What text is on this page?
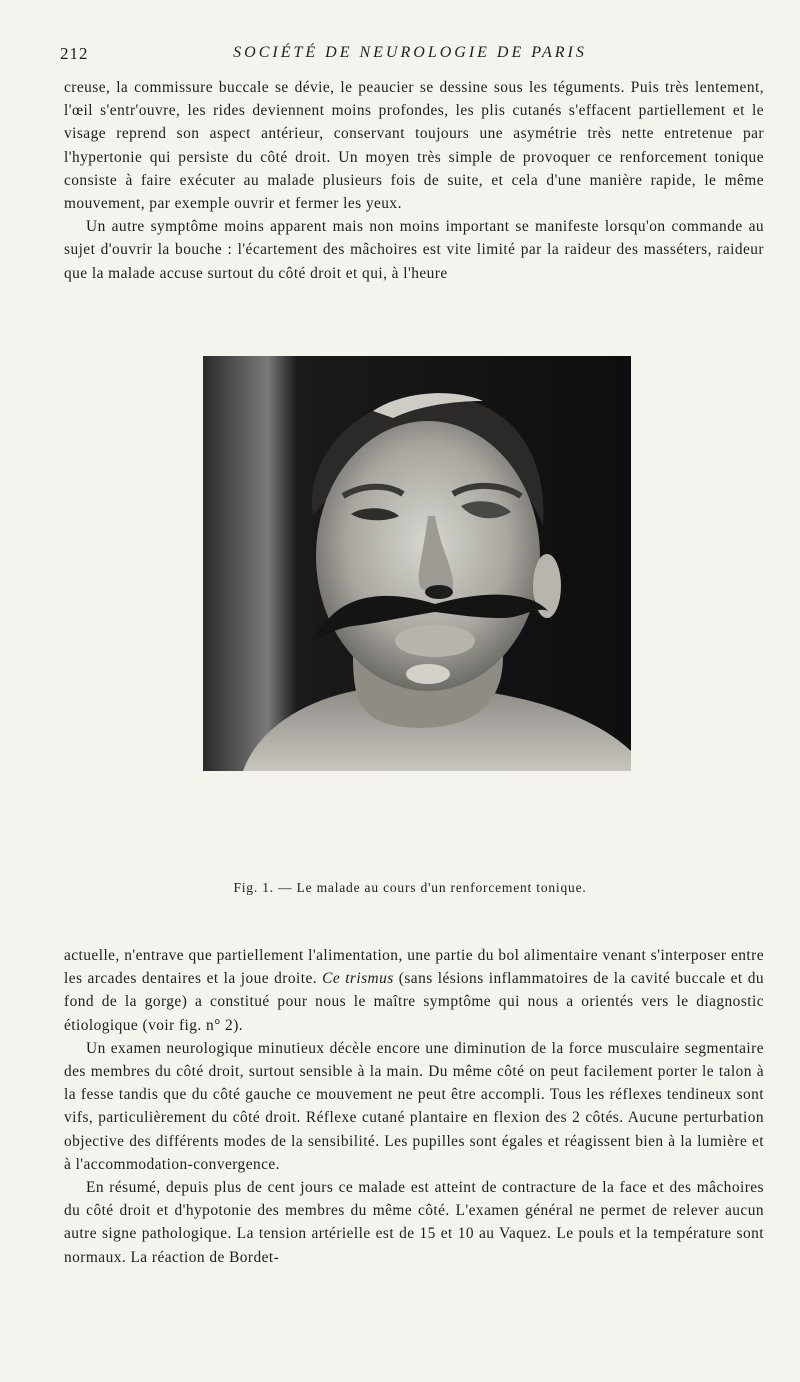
212	SOCIÉTÉ DE NEUROLOGIE DE PARIS

creuse, la commissure buccale se dévie, le peaucier se dessine sous les téguments. Puis très lentement, l'œil s'entr'ouvre, les rides deviennent moins profondes, les plis cutanés s'effacent partiellement et le visage reprend son aspect antérieur, conservant toujours une asymétrie très nette entretenue par l'hypertonie qui persiste du côté droit. Un moyen très simple de provoquer ce renforcement tonique consiste à faire exécuter au malade plusieurs fois de suite, et cela d'une manière rapide, le même mouvement, par exemple ouvrir et fermer les yeux.

Un autre symptôme moins apparent mais non moins important se manifeste lorsqu'on commande au sujet d'ouvrir la bouche : l'écartement des mâchoires est vite limité par la raideur des masséters, raideur que la malade accuse surtout du côté droit et qui, à l'heure

Fig. 1. — Le malade au cours d'un renforcement tonique.

actuelle, n'entrave que partiellement l'alimentation, une partie du bol alimentaire venant s'interposer entre les arcades dentaires et la joue droite. Ce trismus (sans lésions inflammatoires de la cavité buccale et du fond de la gorge) a constitué pour nous le maître symptôme qui nous a orientés vers le diagnostic étiologique (voir fig. n° 2).

Un examen neurologique minutieux décèle encore une diminution de la force musculaire segmentaire des membres du côté droit, surtout sensible à la main. Du même côté on peut facilement porter le talon à la fesse tandis que du côté gauche ce mouvement ne peut être accompli. Tous les réflexes tendineux sont vifs, particulièrement du côté droit. Réflexe cutané plantaire en flexion des 2 côtés. Aucune perturbation objective des différents modes de la sensibilité. Les pupilles sont égales et réagissent bien à la lumière et à l'accommodation-convergence.

En résumé, depuis plus de cent jours ce malade est atteint de contracture de la face et des mâchoires du côté droit et d'hypotonie des membres du même côté. L'examen général ne permet de relever aucun autre signe pathologique. La tension artérielle est de 15 et 10 au Vaquez. Le pouls et la température sont normaux. La réaction de Bordet-
